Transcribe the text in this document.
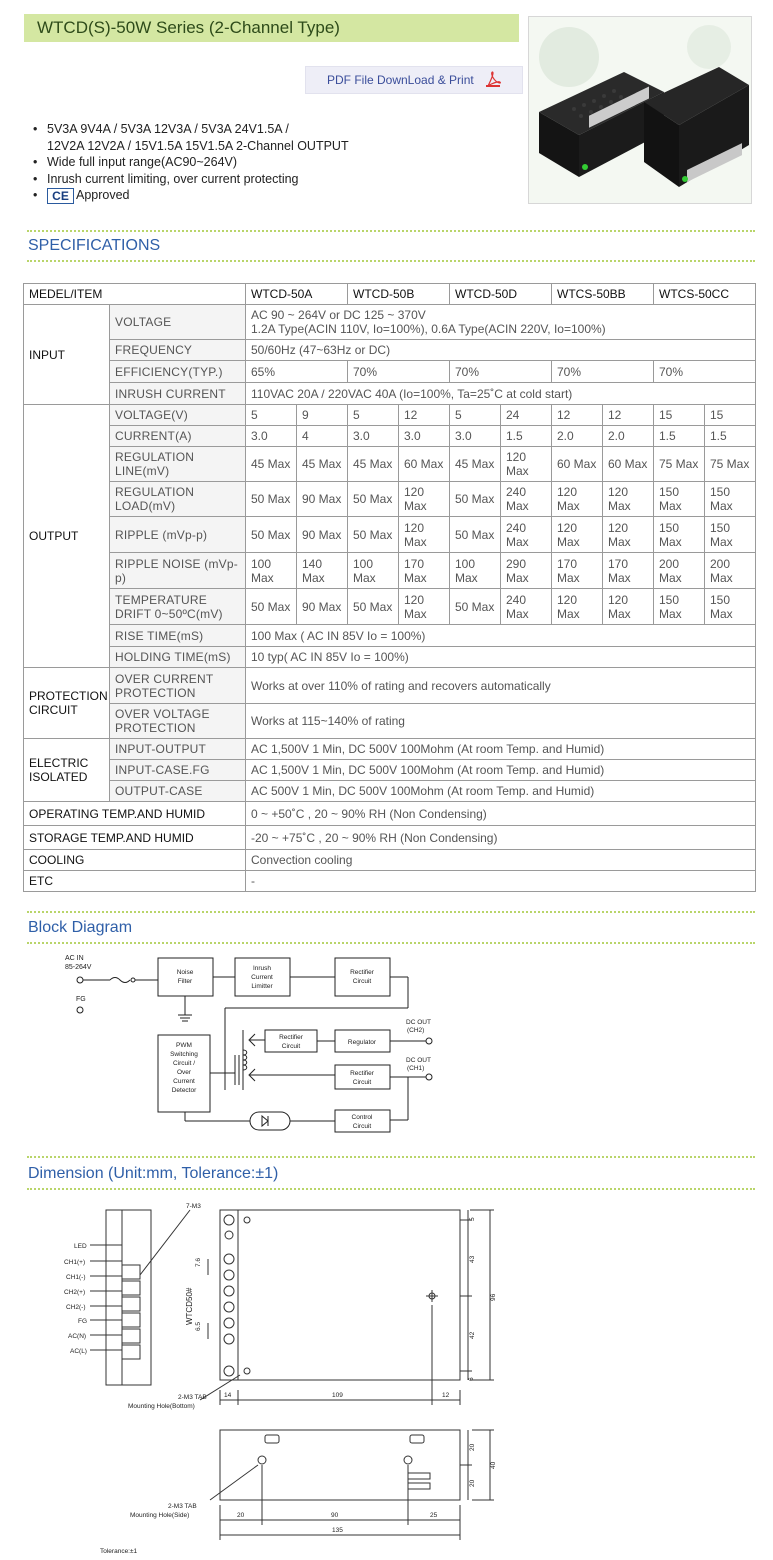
WTCD(S)-50W Series (2-Channel Type)
PDF File DownLoad & Print
• 5V3A 9V4A / 5V3A 12V3A / 5V3A 24V1.5A /
12V2A 12V2A / 15V1.5A 15V1.5A 2-Channel OUTPUT
• Wide full input range(AC90~264V)
• Inrush current limiting, over current protecting
• CE Approved
SPECIFICATIONS
MEDEL/ITEM		WTCD-50A		WTCD-50B		WTCD-50D		WTCS-50BB		WTCS-50CC	
INPUT	VOLTAGE	AC 90 ~ 264V or DC 125 ~ 370V
1.2A Type(ACIN 110V, Io=100%), 0.6A Type(ACIN 220V, Io=100%)									
	FREQUENCY	50/60Hz (47~63Hz or DC)									
	EFFICIENCY(TYP.)	65%		70%		70%		70%		70%	
	INRUSH CURRENT	110VAC 20A / 220VAC 40A (Io=100%, Ta=25˚C at cold start)									
OUTPUT	VOLTAGE(V)	5	9	5	12	5	24	12	12	15	15
	CURRENT(A)	3.0	4	3.0	3.0	3.0	1.5	2.0	2.0	1.5	1.5
	REGULATION LINE(mV)	45 Max	45 Max	45 Max	60 Max	45 Max	120 Max	60 Max	60 Max	75 Max	75 Max
	REGULATION LOAD(mV)	50 Max	90 Max	50 Max	120 Max	50 Max	240 Max	120 Max	120 Max	150 Max	150 Max
	RIPPLE (mVp-p)	50 Max	90 Max	50 Max	120 Max	50 Max	240 Max	120 Max	120 Max	150 Max	150 Max
	RIPPLE NOISE (mVp-p)	100 Max	140 Max	100 Max	170 Max	100 Max	290 Max	170 Max	170 Max	200 Max	200 Max
	TEMPERATURE DRIFT 0~50ºC(mV)	50 Max	90 Max	50 Max	120 Max	50 Max	240 Max	120 Max	120 Max	150 Max	150 Max
	RISE TIME(mS)	100 Max ( AC IN 85V Io = 100%)									
	HOLDING TIME(mS)	10 typ( AC IN 85V Io = 100%)									
PROTECTION CIRCUIT	OVER CURRENT PROTECTION	Works at over 110% of rating and recovers automatically									
	OVER VOLTAGE PROTECTION	Works at 115~140% of rating									
ELECTRIC ISOLATED	INPUT-OUTPUT	AC 1,500V 1 Min, DC 500V 100Mohm (At room Temp. and Humid)									
	INPUT-CASE.FG	AC 1,500V 1 Min, DC 500V 100Mohm (At room Temp. and Humid)									
	OUTPUT-CASE	AC 500V 1 Min, DC 500V 100Mohm (At room Temp. and Humid)									
OPERATING TEMP.AND HUMID		0 ~ +50˚C , 20 ~ 90% RH (Non Condensing)									
STORAGE TEMP.AND HUMID		-20 ~ +75˚C , 20 ~ 90% RH (Non Condensing)									
COOLING		Convection cooling									
ETC		-									
Block Diagram
AC IN
85-264V
FG
Noise
Filter
Inrush
Current
Limitter
Rectifier
Circuit
PWM
Switching
Circuit /
Over
Current
Detector
Rectifier
Circuit
Regulator
Rectifier
Circuit
Control
Circuit
DC OUT
(CH2)
DC OUT
(CH1)
Dimension (Unit:mm, Tolerance:±1)
LED
CH1(+)
CH1(-)
CH2(+)
CH2(-)
FG
AC(N)
AC(L)
7-M3
WTCD50#
7.6
6.5
2-M3 TAB
Mounting Hole(Bottom)
14	109	12
5
43
96
42
6
20
20
40
2-M3 TAB
Mounting Hole(Side)	20	90	25
135
Tolerance:±1
